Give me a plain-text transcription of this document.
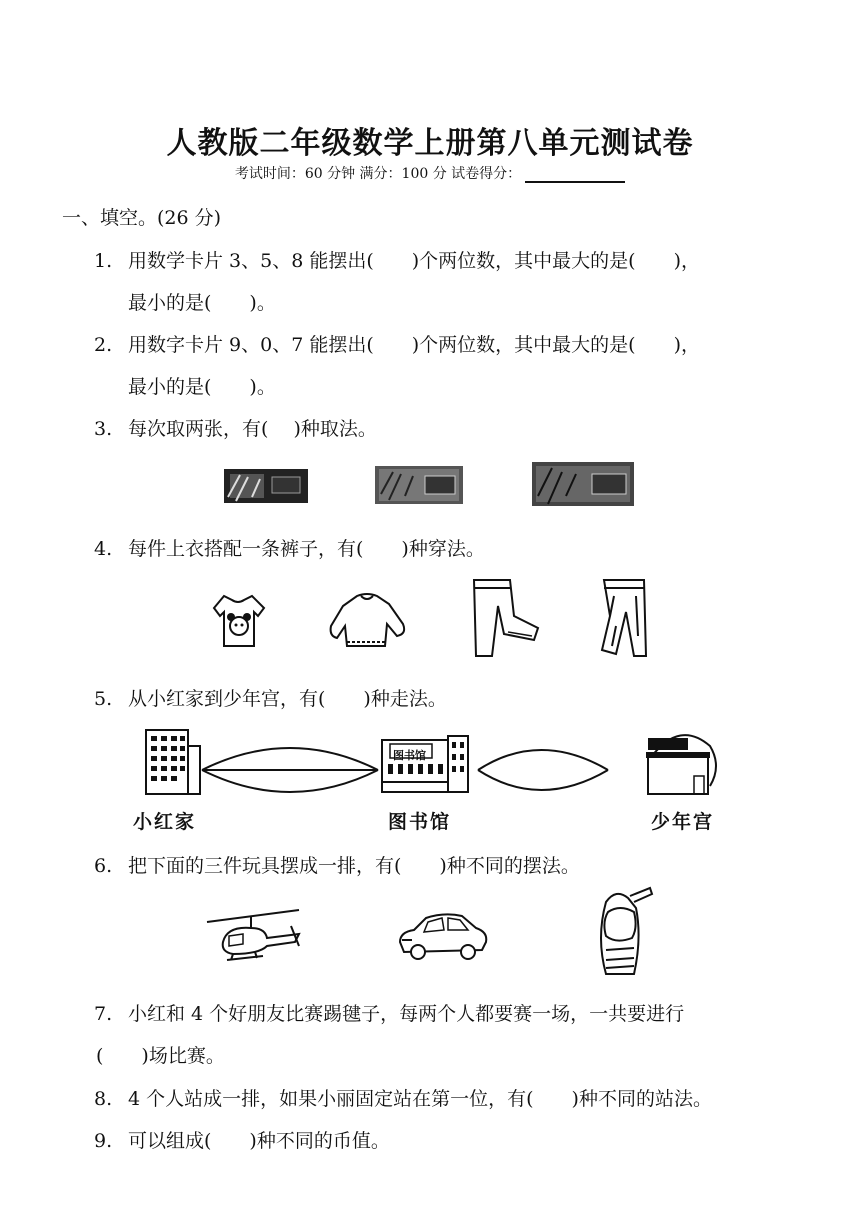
人教版二年级数学上册第八单元测试卷
考试时间：60 分钟 满分：100 分 试卷得分：
一、填空。(26 分)
1. 用数学卡片 3、5、8 能摆出(　　)个两位数，其中最大的是(　　)，
最小的是(　　)。
2. 用数字卡片 9、0、7 能摆出(　　)个两位数，其中最大的是(　　)，
最小的是(　　)。
3. 每次取两张，有(　 )种取法。
4. 每件上衣搭配一条裤子，有(　　)种穿法。
5. 从小红家到少年宫，有(　　)种走法。
图书馆
小红家	图书馆	少年宫
6. 把下面的三件玩具摆成一排，有(　　)种不同的摆法。
7. 小红和 4 个好朋友比赛踢毽子，每两个人都要赛一场，一共要进行
(　　)场比赛。
8. 4 个人站成一排，如果小丽固定站在第一位，有(　　)种不同的站法。
9. 可以组成(　　)种不同的币值。
